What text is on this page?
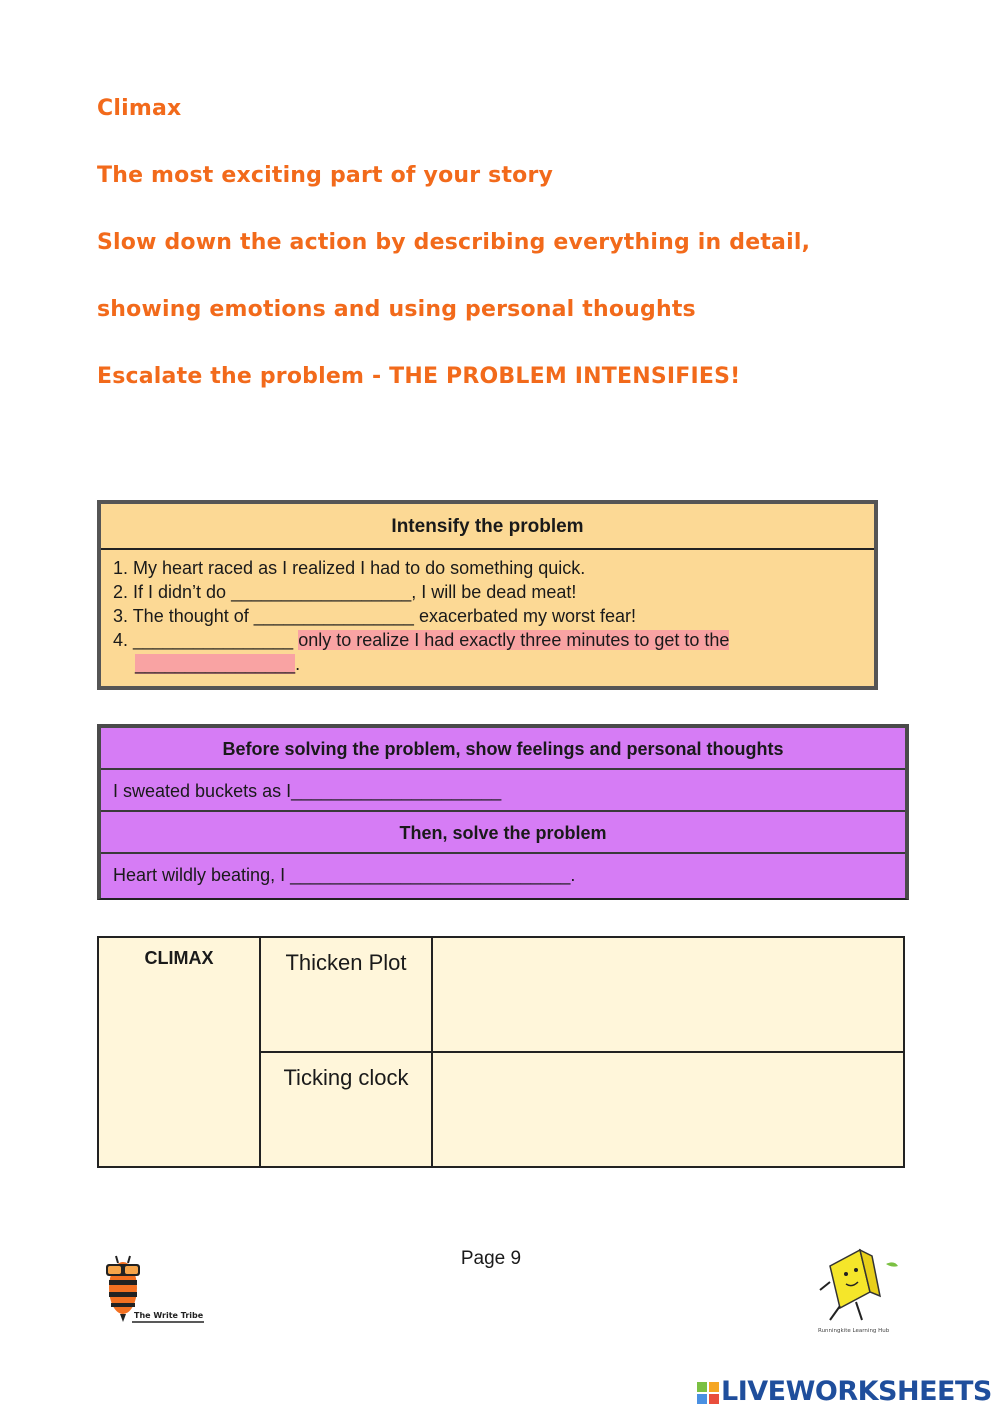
Climax
The most exciting part of your story
Slow down the action by describing everything in detail,
showing emotions and using personal thoughts
Escalate the problem - THE PROBLEM INTENSIFIES!
Intensify the problem
1. My heart raced as I realized I had to do something quick.
2. If I didn’t do __________________, I will be dead meat!
3. The thought of ________________ exacerbated my worst fear!
4. ________________ only to realize I had exactly three minutes to get to the
________________.
Before solving the problem, show feelings and personal thoughts
I sweated buckets as I_____________________
Then, solve the problem
Heart wildly beating, I ____________________________.
CLIMAX	Thicken Plot	
	Ticking clock	
Page 9
The Write Tribe
Runningkite Learning Hub
LIVEWORKSHEETS
